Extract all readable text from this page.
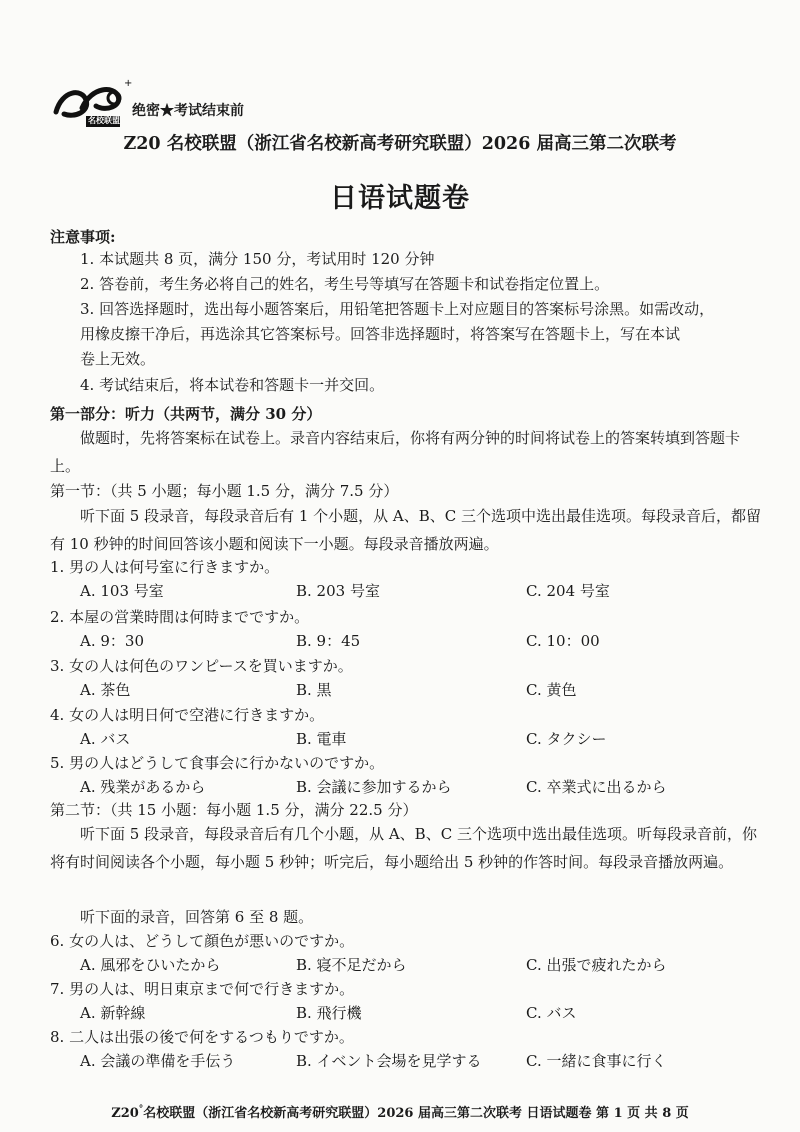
+
名校联盟
绝密★考试结束前
Z20 名校联盟（浙江省名校新高考研究联盟）2026 届高三第二次联考
日语试题卷
注意事项:
1. 本试题共 8 页，满分 150 分，考试用时 120 分钟
2. 答卷前，考生务必将自己的姓名，考生号等填写在答题卡和试卷指定位置上。
3. 回答选择题时，选出每小题答案后，用铅笔把答题卡上对应题目的答案标号涂黑。如需改动，
用橡皮擦干净后，再选涂其它答案标号。回答非选择题时，将答案写在答题卡上，写在本试
卷上无效。
4. 考试结束后，将本试卷和答题卡一并交回。
第一部分：听力（共两节，满分 30 分）
做题时，先将答案标在试卷上。录音内容结束后，你将有两分钟的时间将试卷上的答案转填到答题卡上。
第一节：（共 5 小题；每小题 1.5 分，满分 7.5 分）
听下面 5 段录音，每段录音后有 1 个小题，从 A、B、C 三个选项中选出最佳选项。每段录音后，都留有 10 秒钟的时间回答该小题和阅读下一小题。每段录音播放两遍。
1. 男の人は何号室に行きますか。
A. 103 号室	B. 203 号室	C. 204 号室
2. 本屋の営業時間は何時までですか。
A. 9：30	B. 9：45	C. 10：00
3. 女の人は何色のワンピースを買いますか。
A. 茶色	B. 黒	C. 黄色
4. 女の人は明日何で空港に行きますか。
A. バス	B. 電車	C. タクシー
5. 男の人はどうして食事会に行かないのですか。
A. 残業があるから	B. 会議に参加するから	C. 卒業式に出るから
第二节：（共 15 小题：每小题 1.5 分，满分 22.5 分）
听下面 5 段录音，每段录音后有几个小题，从 A、B、C 三个选项中选出最佳选项。听每段录音前，你将有时间阅读各个小题，每小题 5 秒钟；听完后，每小题给出 5 秒钟的作答时间。每段录音播放两遍。
听下面的录音，回答第 6 至 8 题。
6. 女の人は、どうして顔色が悪いのですか。
A. 風邪をひいたから	B. 寝不足だから	C. 出張で疲れたから
7. 男の人は、明日東京まで何で行きますか。
A. 新幹線	B. 飛行機	C. バス
8. 二人は出張の後で何をするつもりですか。
A. 会議の準備を手伝う	B. イベント会場を見学する	C. 一緒に食事に行く
Z20°名校联盟（浙江省名校新高考研究联盟）2026 届高三第二次联考 日语试题卷 第 1 页 共 8 页
